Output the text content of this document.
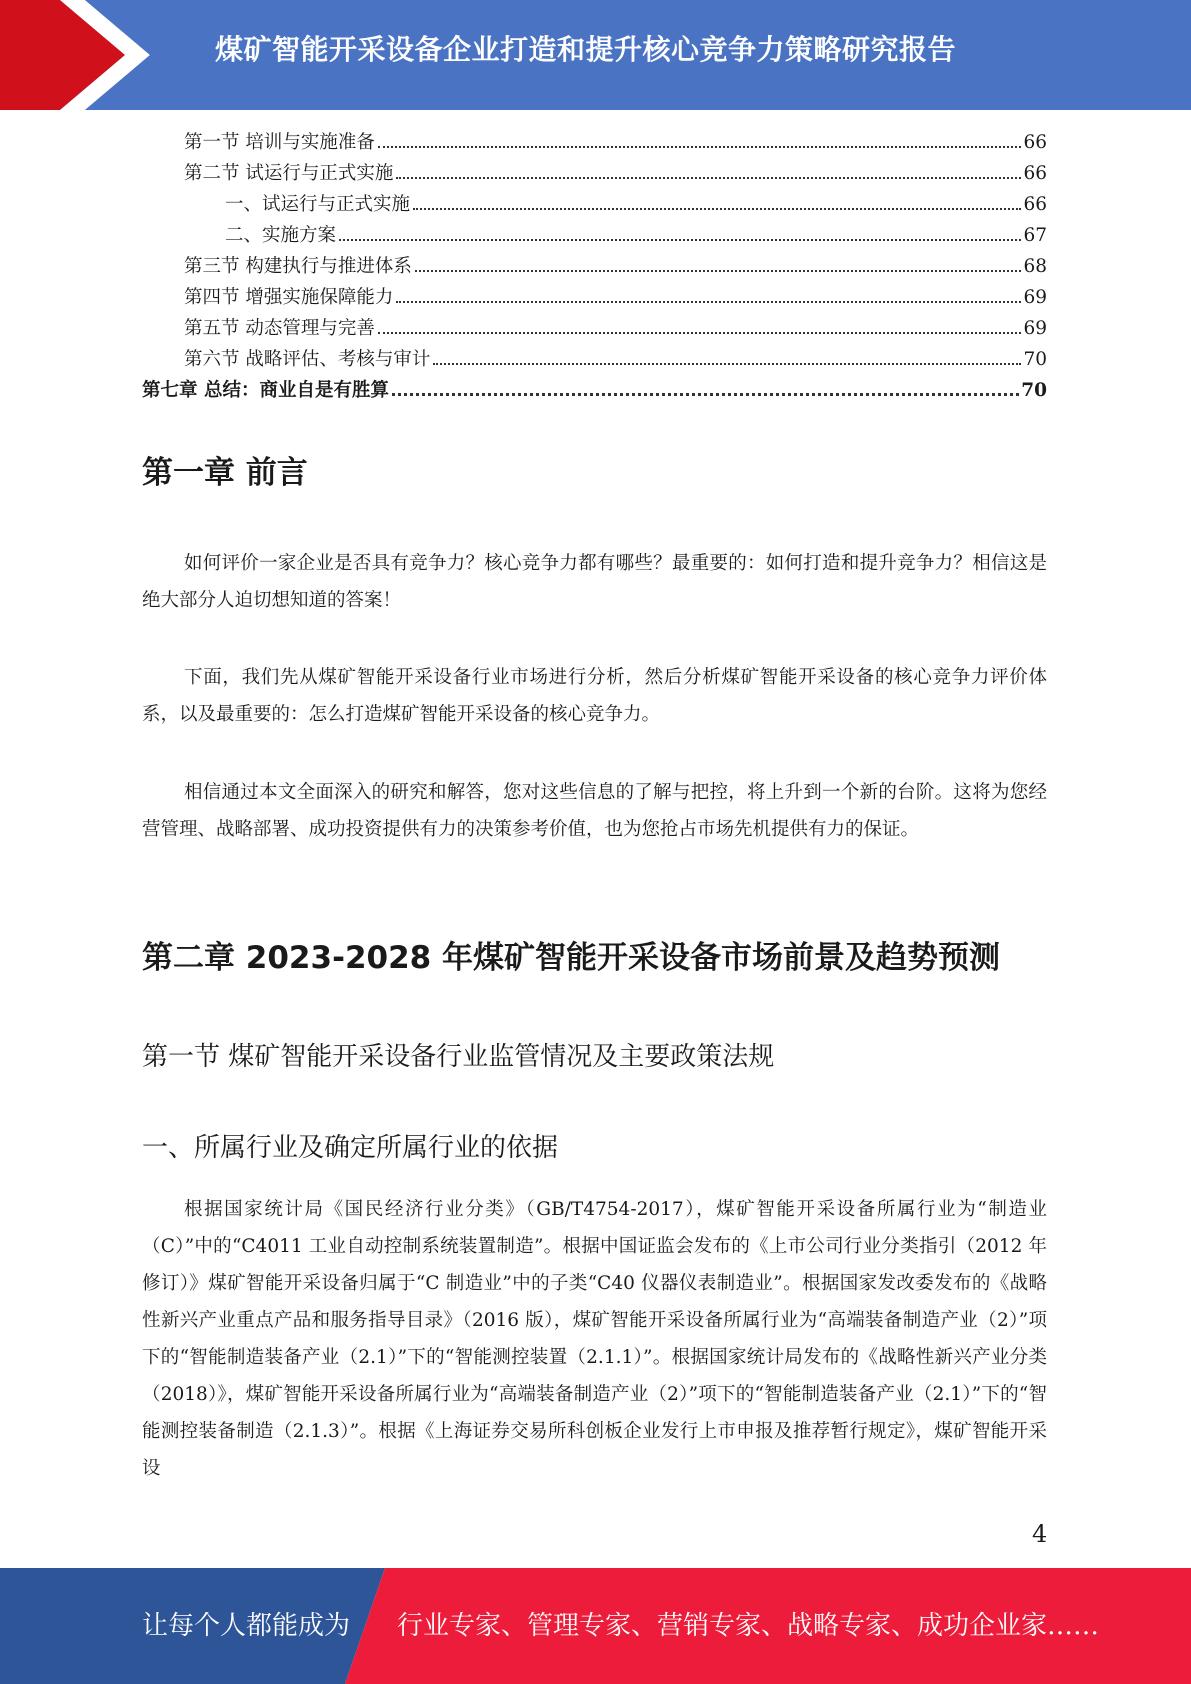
煤矿智能开采设备企业打造和提升核心竞争力策略研究报告
第一节 培训与实施准备	66
第二节 试运行与正式实施	66
一、试运行与正式实施	66
二、实施方案	67
第三节 构建执行与推进体系	68
第四节 增强实施保障能力	69
第五节 动态管理与完善	69
第六节 战略评估、考核与审计	70
第七章 总结：商业自是有胜算	70
第一章 前言

如何评价一家企业是否具有竞争力？核心竞争力都有哪些？最重要的：如何打造和提升竞争力？相信这是绝大部分人迫切想知道的答案！

下面，我们先从煤矿智能开采设备行业市场进行分析，然后分析煤矿智能开采设备的核心竞争力评价体系，以及最重要的：怎么打造煤矿智能开采设备的核心竞争力。

相信通过本文全面深入的研究和解答，您对这些信息的了解与把控，将上升到一个新的台阶。这将为您经营管理、战略部署、成功投资提供有力的决策参考价值，也为您抢占市场先机提供有力的保证。

第二章 2023-2028 年煤矿智能开采设备市场前景及趋势预测
第一节 煤矿智能开采设备行业监管情况及主要政策法规
一、所属行业及确定所属行业的依据

根据国家统计局《国民经济行业分类》（GB/T4754-2017），煤矿智能开采设备所属行业为“制造业（C）”中的“C4011 工业自动控制系统装置制造”。根据中国证监会发布的《上市公司行业分类指引（2012 年修订）》煤矿智能开采设备归属于“C 制造业”中的子类“C40 仪器仪表制造业”。根据国家发改委发布的《战略性新兴产业重点产品和服务指导目录》（2016 版），煤矿智能开采设备所属行业为“高端装备制造产业（2）”项下的“智能制造装备产业（2.1）”下的“智能测控装置（2.1.1）”。根据国家统计局发布的《战略性新兴产业分类（2018）》，煤矿智能开采设备所属行业为“高端装备制造产业（2）”项下的“智能制造装备产业（2.1）”下的“智能测控装备制造（2.1.3）”。根据《上海证券交易所科创板企业发行上市申报及推荐暂行规定》，煤矿智能开采设

4
让每个人都能成为 行业专家、管理专家、营销专家、战略专家、成功企业家……
